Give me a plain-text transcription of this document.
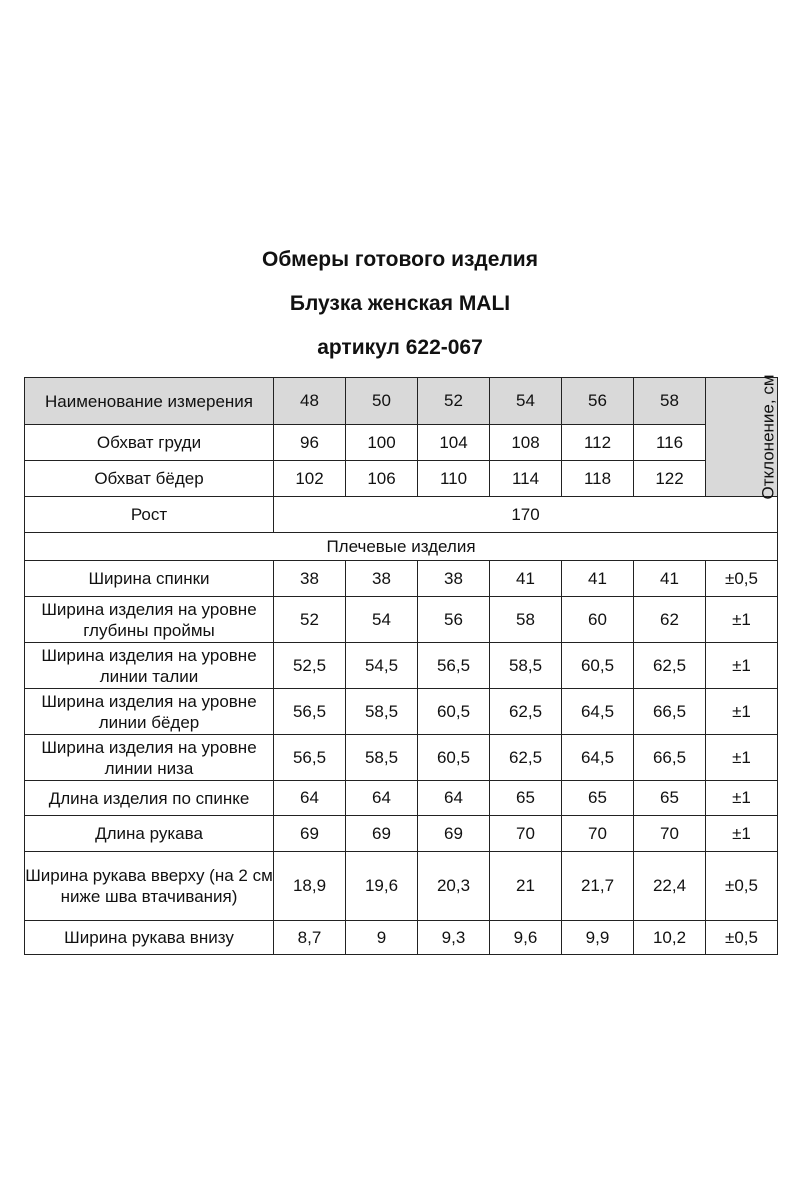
Обмеры готового изделия
Блузка женская MALI
артикул 622-067
Наименование измерения	48	50	52	54	56	58	Отклонение, см
Обхват груди	96	100	104	108	112	116	
Обхват бёдер	102	106	110	114	118	122	
Рост	170						
Плечевые изделия							
Ширина спинки	38	38	38	41	41	41	±0,5
Ширина изделия на уровне глубины проймы	52	54	56	58	60	62	±1
Ширина изделия на уровне линии талии	52,5	54,5	56,5	58,5	60,5	62,5	±1
Ширина изделия на уровне линии бёдер	56,5	58,5	60,5	62,5	64,5	66,5	±1
Ширина изделия на уровне линии низа	56,5	58,5	60,5	62,5	64,5	66,5	±1
Длина изделия по спинке	64	64	64	65	65	65	±1
Длина рукава	69	69	69	70	70	70	±1
Ширина рукава вверху (на 2 см ниже шва втачивания)	18,9	19,6	20,3	21	21,7	22,4	±0,5
Ширина рукава внизу	8,7	9	9,3	9,6	9,9	10,2	±0,5
